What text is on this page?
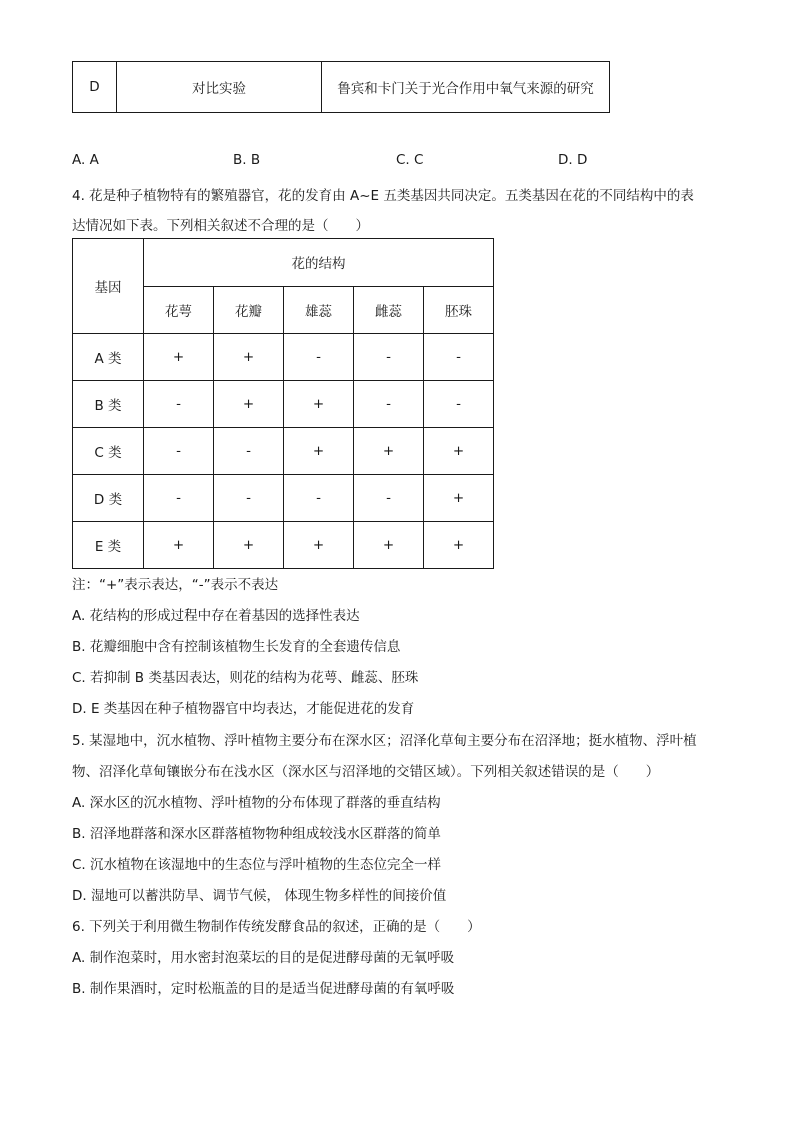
D	对比实验	鲁宾和卡门关于光合作用中氧气来源的研究
A. A	B. B	C. C	D. D
4. 花是种子植物特有的繁殖器官，花的发育由 A~E 五类基因共同决定。五类基因在花的不同结构中的表
达情况如下表。下列相关叙述不合理的是（　　）
基因	花的结构				
	花萼	花瓣	雄蕊	雌蕊	胚珠
A 类	+	+	-	-	-
B 类	-	+	+	-	-
C 类	-	-	+	+	+
D 类	-	-	-	-	+
E 类	+	+	+	+	+
注：“+”表示表达，“-”表示不表达
A. 花结构的形成过程中存在着基因的选择性表达
B. 花瓣细胞中含有控制该植物生长发育的全套遗传信息
C. 若抑制 B 类基因表达，则花的结构为花萼、雌蕊、胚珠
D. E 类基因在种子植物器官中均表达，才能促进花的发育
5. 某湿地中，沉水植物、浮叶植物主要分布在深水区；沼泽化草甸主要分布在沼泽地；挺水植物、浮叶植
物、沼泽化草甸镶嵌分布在浅水区（深水区与沼泽地的交错区域）。下列相关叙述错误的是（　　）
A. 深水区的沉水植物、浮叶植物的分布体现了群落的垂直结构
B. 沼泽地群落和深水区群落植物物种组成较浅水区群落的简单
C. 沉水植物在该湿地中的生态位与浮叶植物的生态位完全一样
D. 湿地可以蓄洪防旱、调节气候， 体现生物多样性的间接价值
6. 下列关于利用微生物制作传统发酵食品的叙述，正确的是（　　）
A. 制作泡菜时，用水密封泡菜坛的目的是促进酵母菌的无氧呼吸
B. 制作果酒时，定时松瓶盖的目的是适当促进酵母菌的有氧呼吸
